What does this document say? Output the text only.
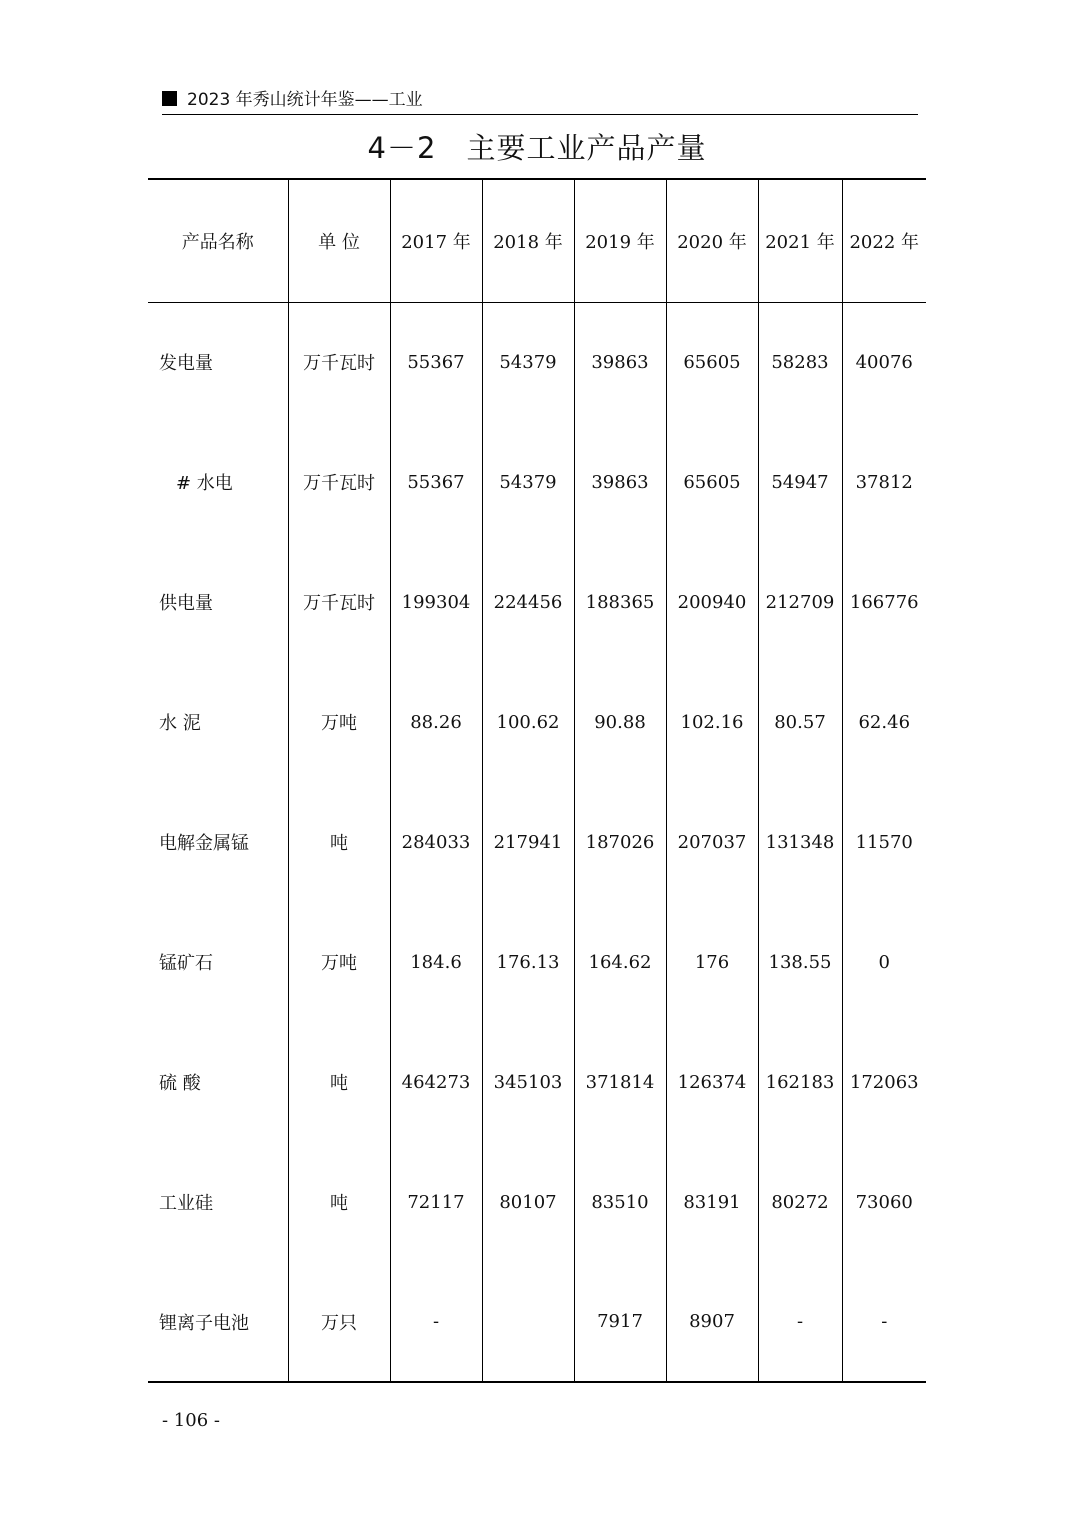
2023 年秀山统计年鉴——工业
4－2 主要工业产品产量
产品名称	单 位	2017 年	2018 年	2019 年	2020 年	2021 年	2022 年
发电量	万千瓦时	55367	54379	39863	65605	58283	40076
# 水电	万千瓦时	55367	54379	39863	65605	54947	37812
供电量	万千瓦时	199304	224456	188365	200940	212709	166776
水 泥	万吨	88.26	100.62	90.88	102.16	80.57	62.46
电解金属锰	吨	284033	217941	187026	207037	131348	11570
锰矿石	万吨	184.6	176.13	164.62	176	138.55	0
硫 酸	吨	464273	345103	371814	126374	162183	172063
工业硅	吨	72117	80107	83510	83191	80272	73060
锂离子电池	万只	-		7917	8907	-	-
- 106 -
